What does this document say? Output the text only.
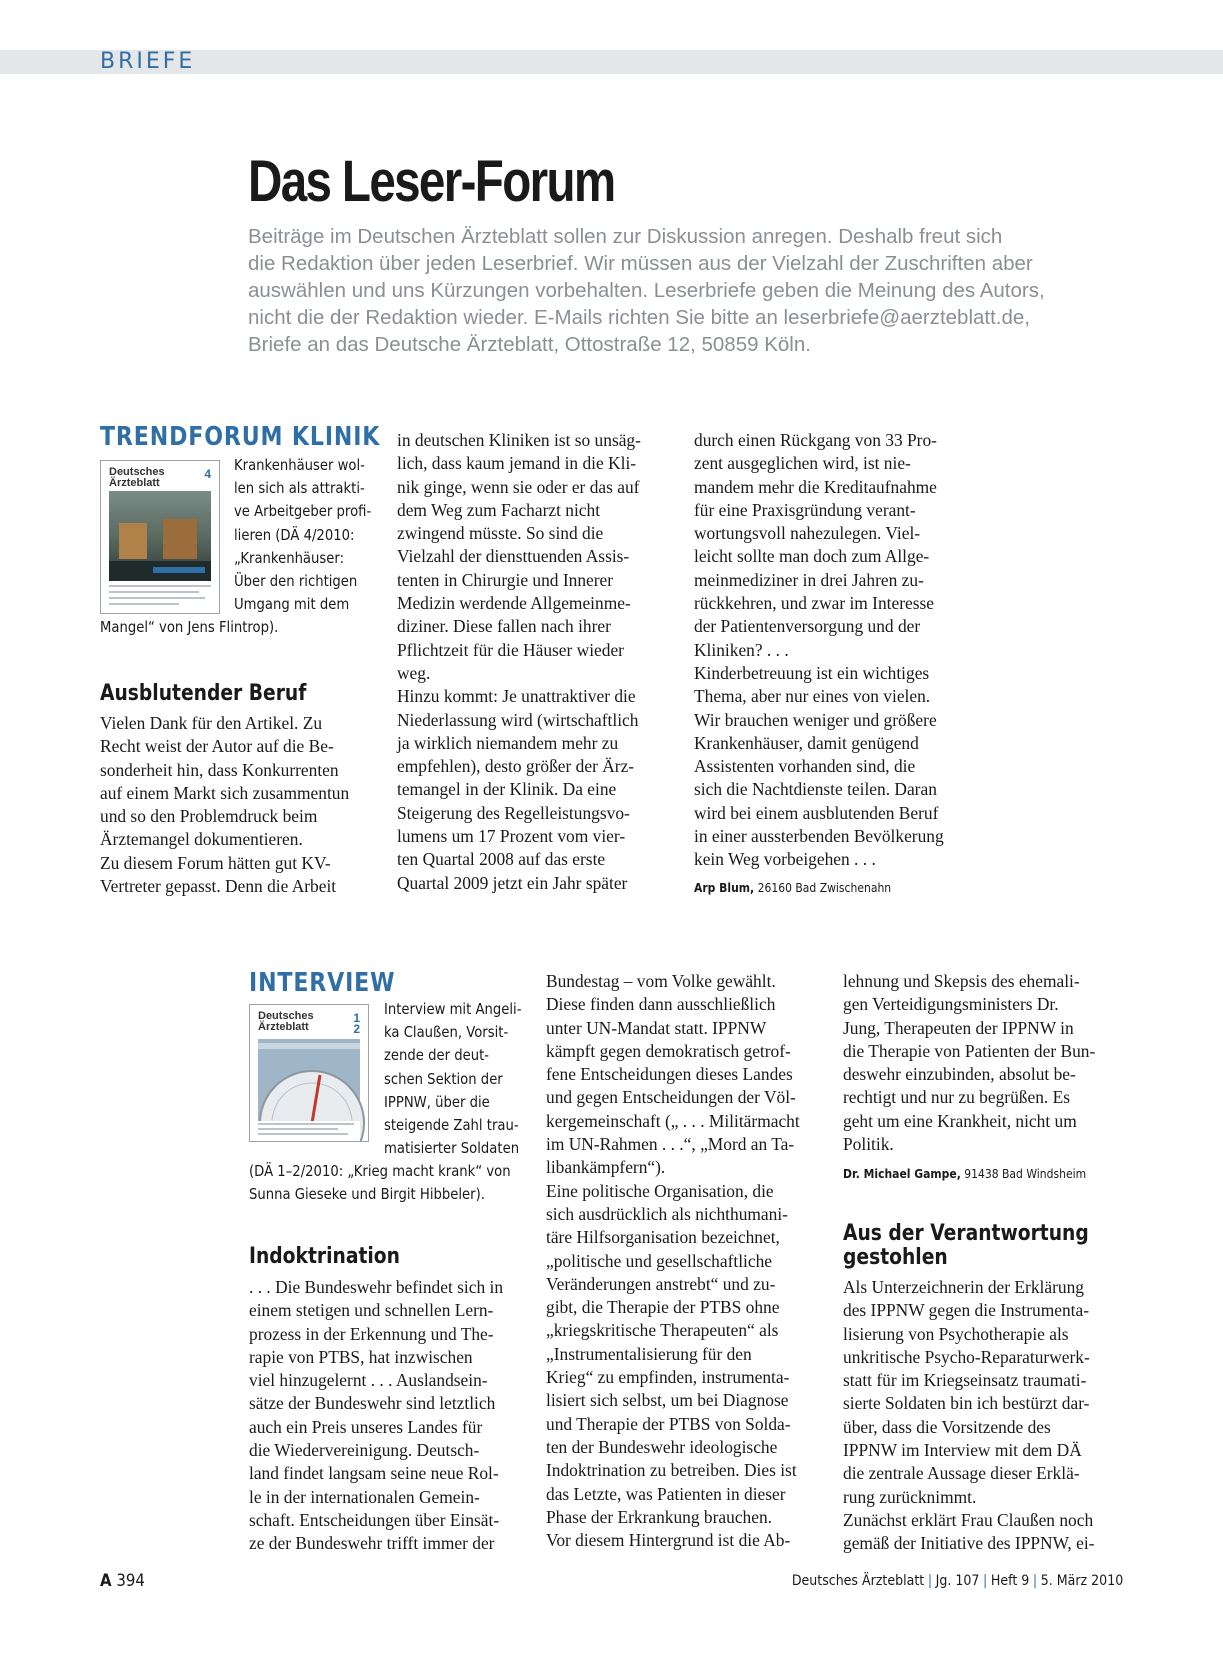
BRIEFE
Das Leser-Forum
Beiträge im Deutschen Ärzteblatt sollen zur Diskussion anregen. Deshalb freut sich
die Redaktion über jeden Leserbrief. Wir müssen aus der Vielzahl der Zuschriften aber
auswählen und uns Kürzungen vorbehalten. Leserbriefe geben die Meinung des Autors,
nicht die der Redaktion wieder. E-Mails richten Sie bitte an leserbriefe@aerzteblatt.de,
Briefe an das Deutsche Ärzteblatt, Ottostraße 12, 50859 Köln.
TRENDFORUM KLINIK
Deutsches
Ärzteblatt
4 Krankenhäuser wol-
len sich als attrakti-
ve Arbeitgeber profi-
lieren (DÄ 4/2010:
„Krankenhäuser:
Über den richtigen
Umgang mit dem
Mangel“ von Jens Flintrop).
Ausblutender Beruf
Vielen Dank für den Artikel. Zu
Recht weist der Autor auf die Be-
sonderheit hin, dass Konkurrenten
auf einem Markt sich zusammentun
und so den Problemdruck beim
Ärztemangel dokumentieren.
Zu diesem Forum hätten gut KV-
Vertreter gepasst. Denn die Arbeit
in deutschen Kliniken ist so unsäg-
lich, dass kaum jemand in die Kli-
nik ginge, wenn sie oder er das auf
dem Weg zum Facharzt nicht
zwingend müsste. So sind die
Vielzahl der diensttuenden Assis-
tenten in Chirurgie und Innerer
Medizin werdende Allgemeinme-
diziner. Diese fallen nach ihrer
Pflichtzeit für die Häuser wieder
weg.
Hinzu kommt: Je unattraktiver die
Niederlassung wird (wirtschaftlich
ja wirklich niemandem mehr zu
empfehlen), desto größer der Ärz-
temangel in der Klinik. Da eine
Steigerung des Regelleistungsvo-
lumens um 17 Prozent vom vier-
ten Quartal 2008 auf das erste
Quartal 2009 jetzt ein Jahr später
durch einen Rückgang von 33 Pro-
zent ausgeglichen wird, ist nie-
mandem mehr die Kreditaufnahme
für eine Praxisgründung verant-
wortungsvoll nahezulegen. Viel-
leicht sollte man doch zum Allge-
meinmediziner in drei Jahren zu-
rückkehren, und zwar im Interesse
der Patientenversorgung und der
Kliniken? . . .
Kinderbetreuung ist ein wichtiges
Thema, aber nur eines von vielen.
Wir brauchen weniger und größere
Krankenhäuser, damit genügend
Assistenten vorhanden sind, die
sich die Nachtdienste teilen. Daran
wird bei einem ausblutenden Beruf
in einer aussterbenden Bevölkerung
kein Weg vorbeigehen . . .
Arp Blum, 26160 Bad Zwischenahn
INTERVIEW
Deutsches
Ärzteblatt
1
2
Interview mit Angeli-
ka Claußen, Vorsit-
zende der deut-
schen Sektion der
IPPNW, über die
steigende Zahl trau-
matisierter Soldaten
(DÄ 1–2/2010: „Krieg macht krank“ von
Sunna Gieseke und Birgit Hibbeler).
Indoktrination
. . . Die Bundeswehr befindet sich in
einem stetigen und schnellen Lern-
prozess in der Erkennung und The-
rapie von PTBS, hat inzwischen
viel hinzugelernt . . . Auslandsein-
sätze der Bundeswehr sind letztlich
auch ein Preis unseres Landes für
die Wiedervereinigung. Deutsch-
land findet langsam seine neue Rol-
le in der internationalen Gemein-
schaft. Entscheidungen über Einsät-
ze der Bundeswehr trifft immer der
Bundestag – vom Volke gewählt.
Diese finden dann ausschließlich
unter UN-Mandat statt. IPPNW
kämpft gegen demokratisch getrof-
fene Entscheidungen dieses Landes
und gegen Entscheidungen der Völ-
kergemeinschaft („ . . . Militärmacht
im UN-Rahmen . . .“, „Mord an Ta-
libankämpfern“).
Eine politische Organisation, die
sich ausdrücklich als nichthumani-
täre Hilfsorganisation bezeichnet,
„politische und gesellschaftliche
Veränderungen anstrebt“ und zu-
gibt, die Therapie der PTBS ohne
„kriegskritische Therapeuten“ als
„Instrumentalisierung für den
Krieg“ zu empfinden, instrumenta-
lisiert sich selbst, um bei Diagnose
und Therapie der PTBS von Solda-
ten der Bundeswehr ideologische
Indoktrination zu betreiben. Dies ist
das Letzte, was Patienten in dieser
Phase der Erkrankung brauchen.
Vor diesem Hintergrund ist die Ab-
lehnung und Skepsis des ehemali-
gen Verteidigungsministers Dr.
Jung, Therapeuten der IPPNW in
die Therapie von Patienten der Bun-
deswehr einzubinden, absolut be-
rechtigt und nur zu begrüßen. Es
geht um eine Krankheit, nicht um
Politik.
Dr. Michael Gampe, 91438 Bad Windsheim
Aus der Verantwortung
gestohlen
Als Unterzeichnerin der Erklärung
des IPPNW gegen die Instrumenta-
lisierung von Psychotherapie als
unkritische Psycho-Reparaturwerk-
statt für im Kriegseinsatz traumati-
sierte Soldaten bin ich bestürzt dar-
über, dass die Vorsitzende des
IPPNW im Interview mit dem DÄ
die zentrale Aussage dieser Erklä-
rung zurücknimmt.
Zunächst erklärt Frau Claußen noch
gemäß der Initiative des IPPNW, ei-
A 394	Deutsches Ärzteblatt | Jg. 107 | Heft 9 | 5. März 2010
